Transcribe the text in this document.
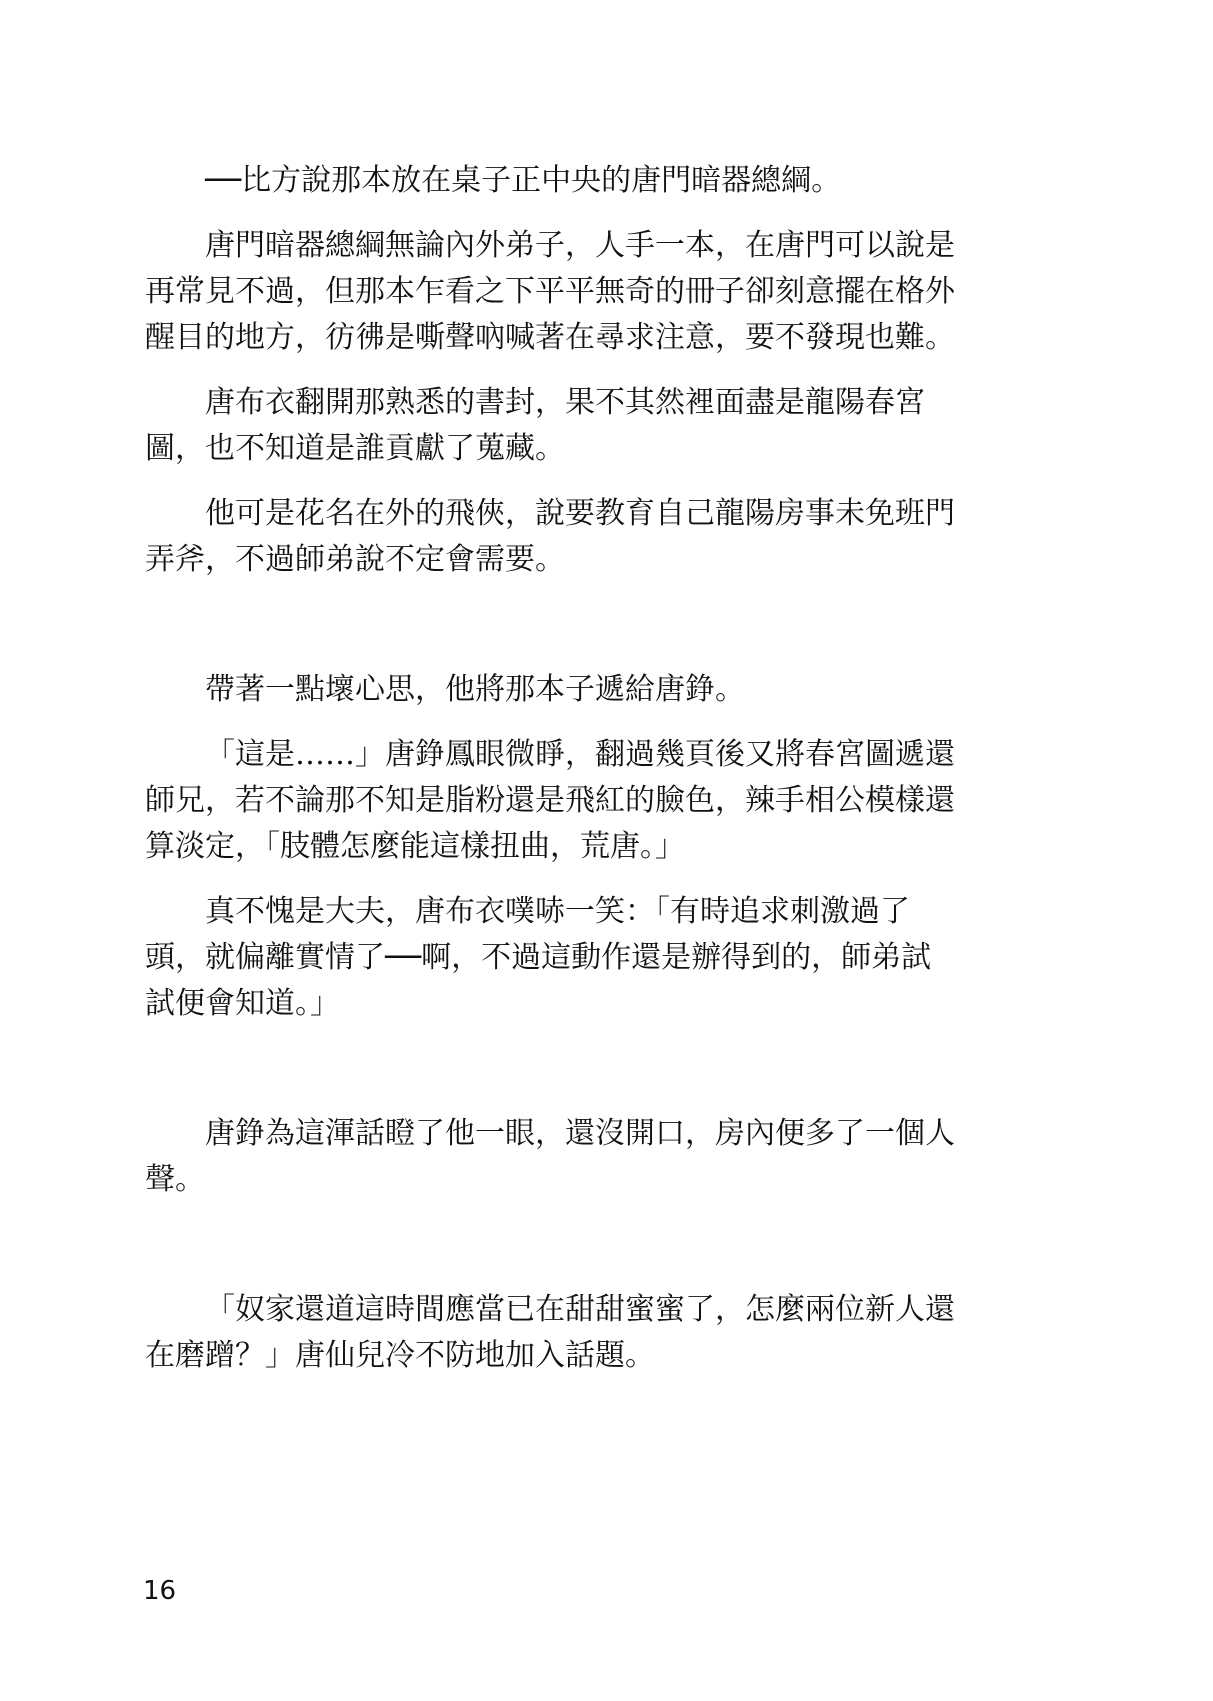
──比方說那本放在桌子正中央的唐門暗器總綱。

唐門暗器總綱無論內外弟子，人手一本，在唐門可以說是再常見不過，但那本乍看之下平平無奇的冊子卻刻意擺在格外醒目的地方，彷彿是嘶聲吶喊著在尋求注意，要不發現也難。

唐布衣翻開那熟悉的書封，果不其然裡面盡是龍陽春宮圖，也不知道是誰貢獻了蒐藏。

他可是花名在外的飛俠，說要教育自己龍陽房事未免班門弄斧，不過師弟說不定會需要。

帶著一點壞心思，他將那本子遞給唐錚。

「這是……」唐錚鳳眼微睜，翻過幾頁後又將春宮圖遞還師兄，若不論那不知是脂粉還是飛紅的臉色，辣手相公模樣還算淡定，「肢體怎麼能這樣扭曲，荒唐。」

真不愧是大夫，唐布衣噗哧一笑：「有時追求刺激過了頭，就偏離實情了──啊，不過這動作還是辦得到的，師弟試試便會知道。」

唐錚為這渾話瞪了他一眼，還沒開口，房內便多了一個人聲。

「奴家還道這時間應當已在甜甜蜜蜜了，怎麼兩位新人還在磨蹭？」唐仙兒冷不防地加入話題。

16
